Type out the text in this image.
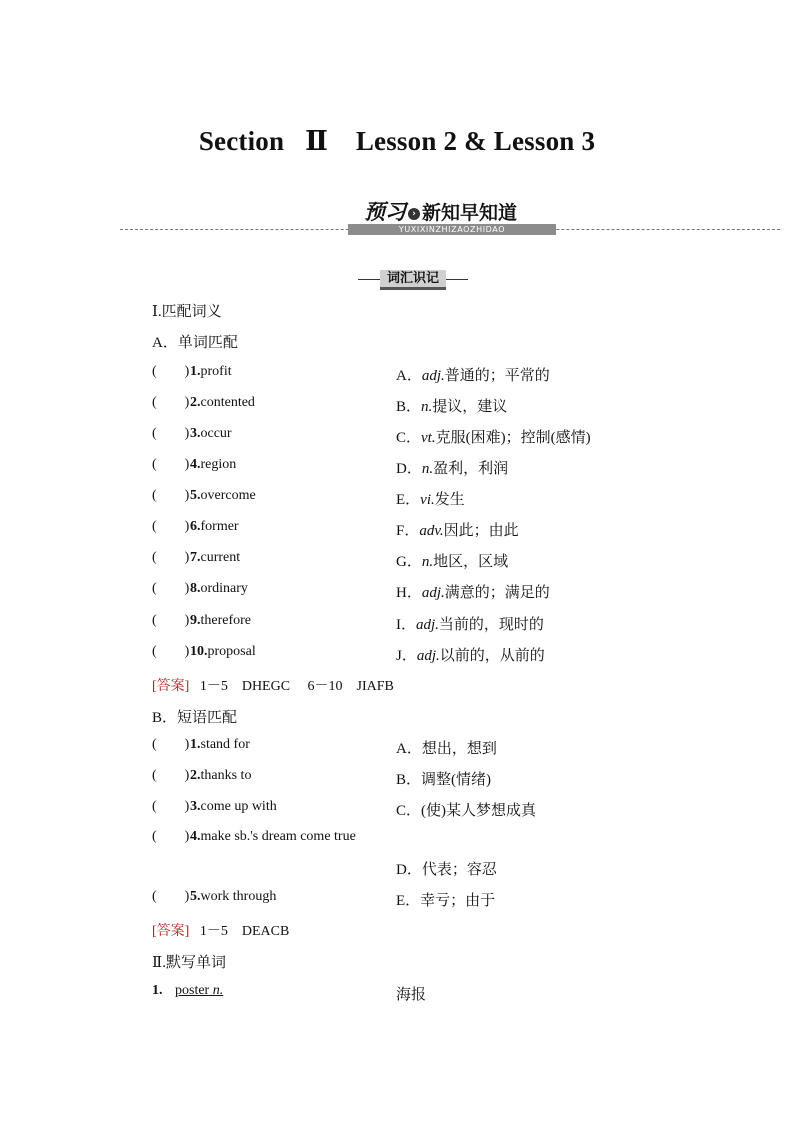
Section   Ⅱ    Lesson 2 & Lesson 3
YUXIXINZHIZAOZHIDAO
预习 › 新知早知道
词汇识记
Ⅰ.匹配词义
A．单词匹配
(        ) 1.profit	A．adj.普通的；平常的
(        ) 2.contented	B．n.提议，建议
(        ) 3.occur	C．vt.克服(困难)；控制(感情)
(        ) 4.region	D．n.盈利，利润
(        ) 5.overcome	E．vi.发生
(        ) 6.former	F．adv.因此；由此
(        ) 7.current	G．n.地区，区域
(        ) 8.ordinary	H．adj.满意的；满足的
(        ) 9.therefore	I．adj.当前的，现时的
(        ) 10.proposal	J．adj.以前的，从前的
[答案]   1－5    DHEGC     6－10    JIAFB
B．短语匹配
(        ) 1.stand for	A．想出，想到
(        ) 2.thanks to	B．调整(情绪)
(        ) 3.come up with	C．(使)某人梦想成真
(        ) 4.make sb.'s dream come true
D．代表；容忍
(        ) 5.work through	E．幸亏；由于
[答案]   1－5    DEACB
Ⅱ.默写单词
1. poster n.	海报
